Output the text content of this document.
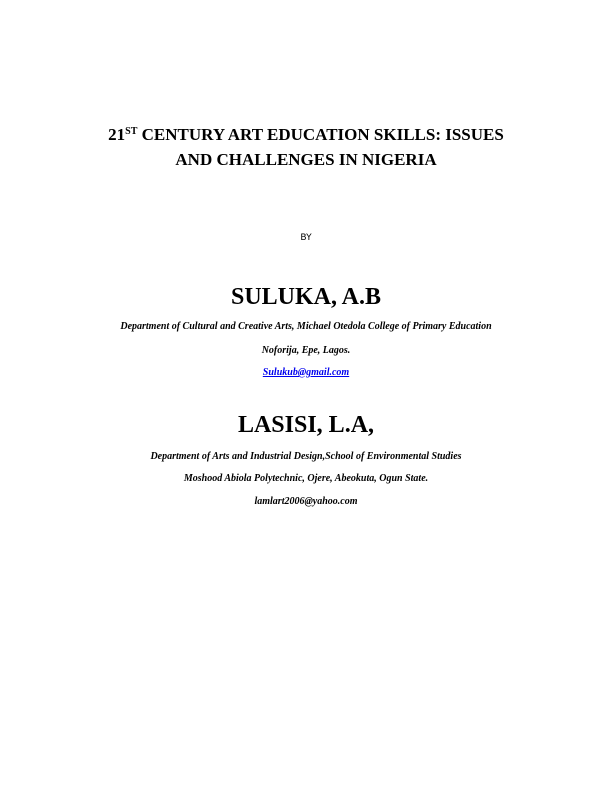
21ST CENTURY ART EDUCATION SKILLS: ISSUES
AND CHALLENGES IN NIGERIA
BY
SULUKA, A.B
Department of Cultural and Creative Arts, Michael Otedola College of Primary Education
Noforija, Epe, Lagos.
Sulukub@gmail.com
LASISI, L.A,
Department of Arts and Industrial Design,School of Environmental Studies
Moshood Abiola Polytechnic, Ojere, Abeokuta, Ogun State.
lamlart2006@yahoo.com
